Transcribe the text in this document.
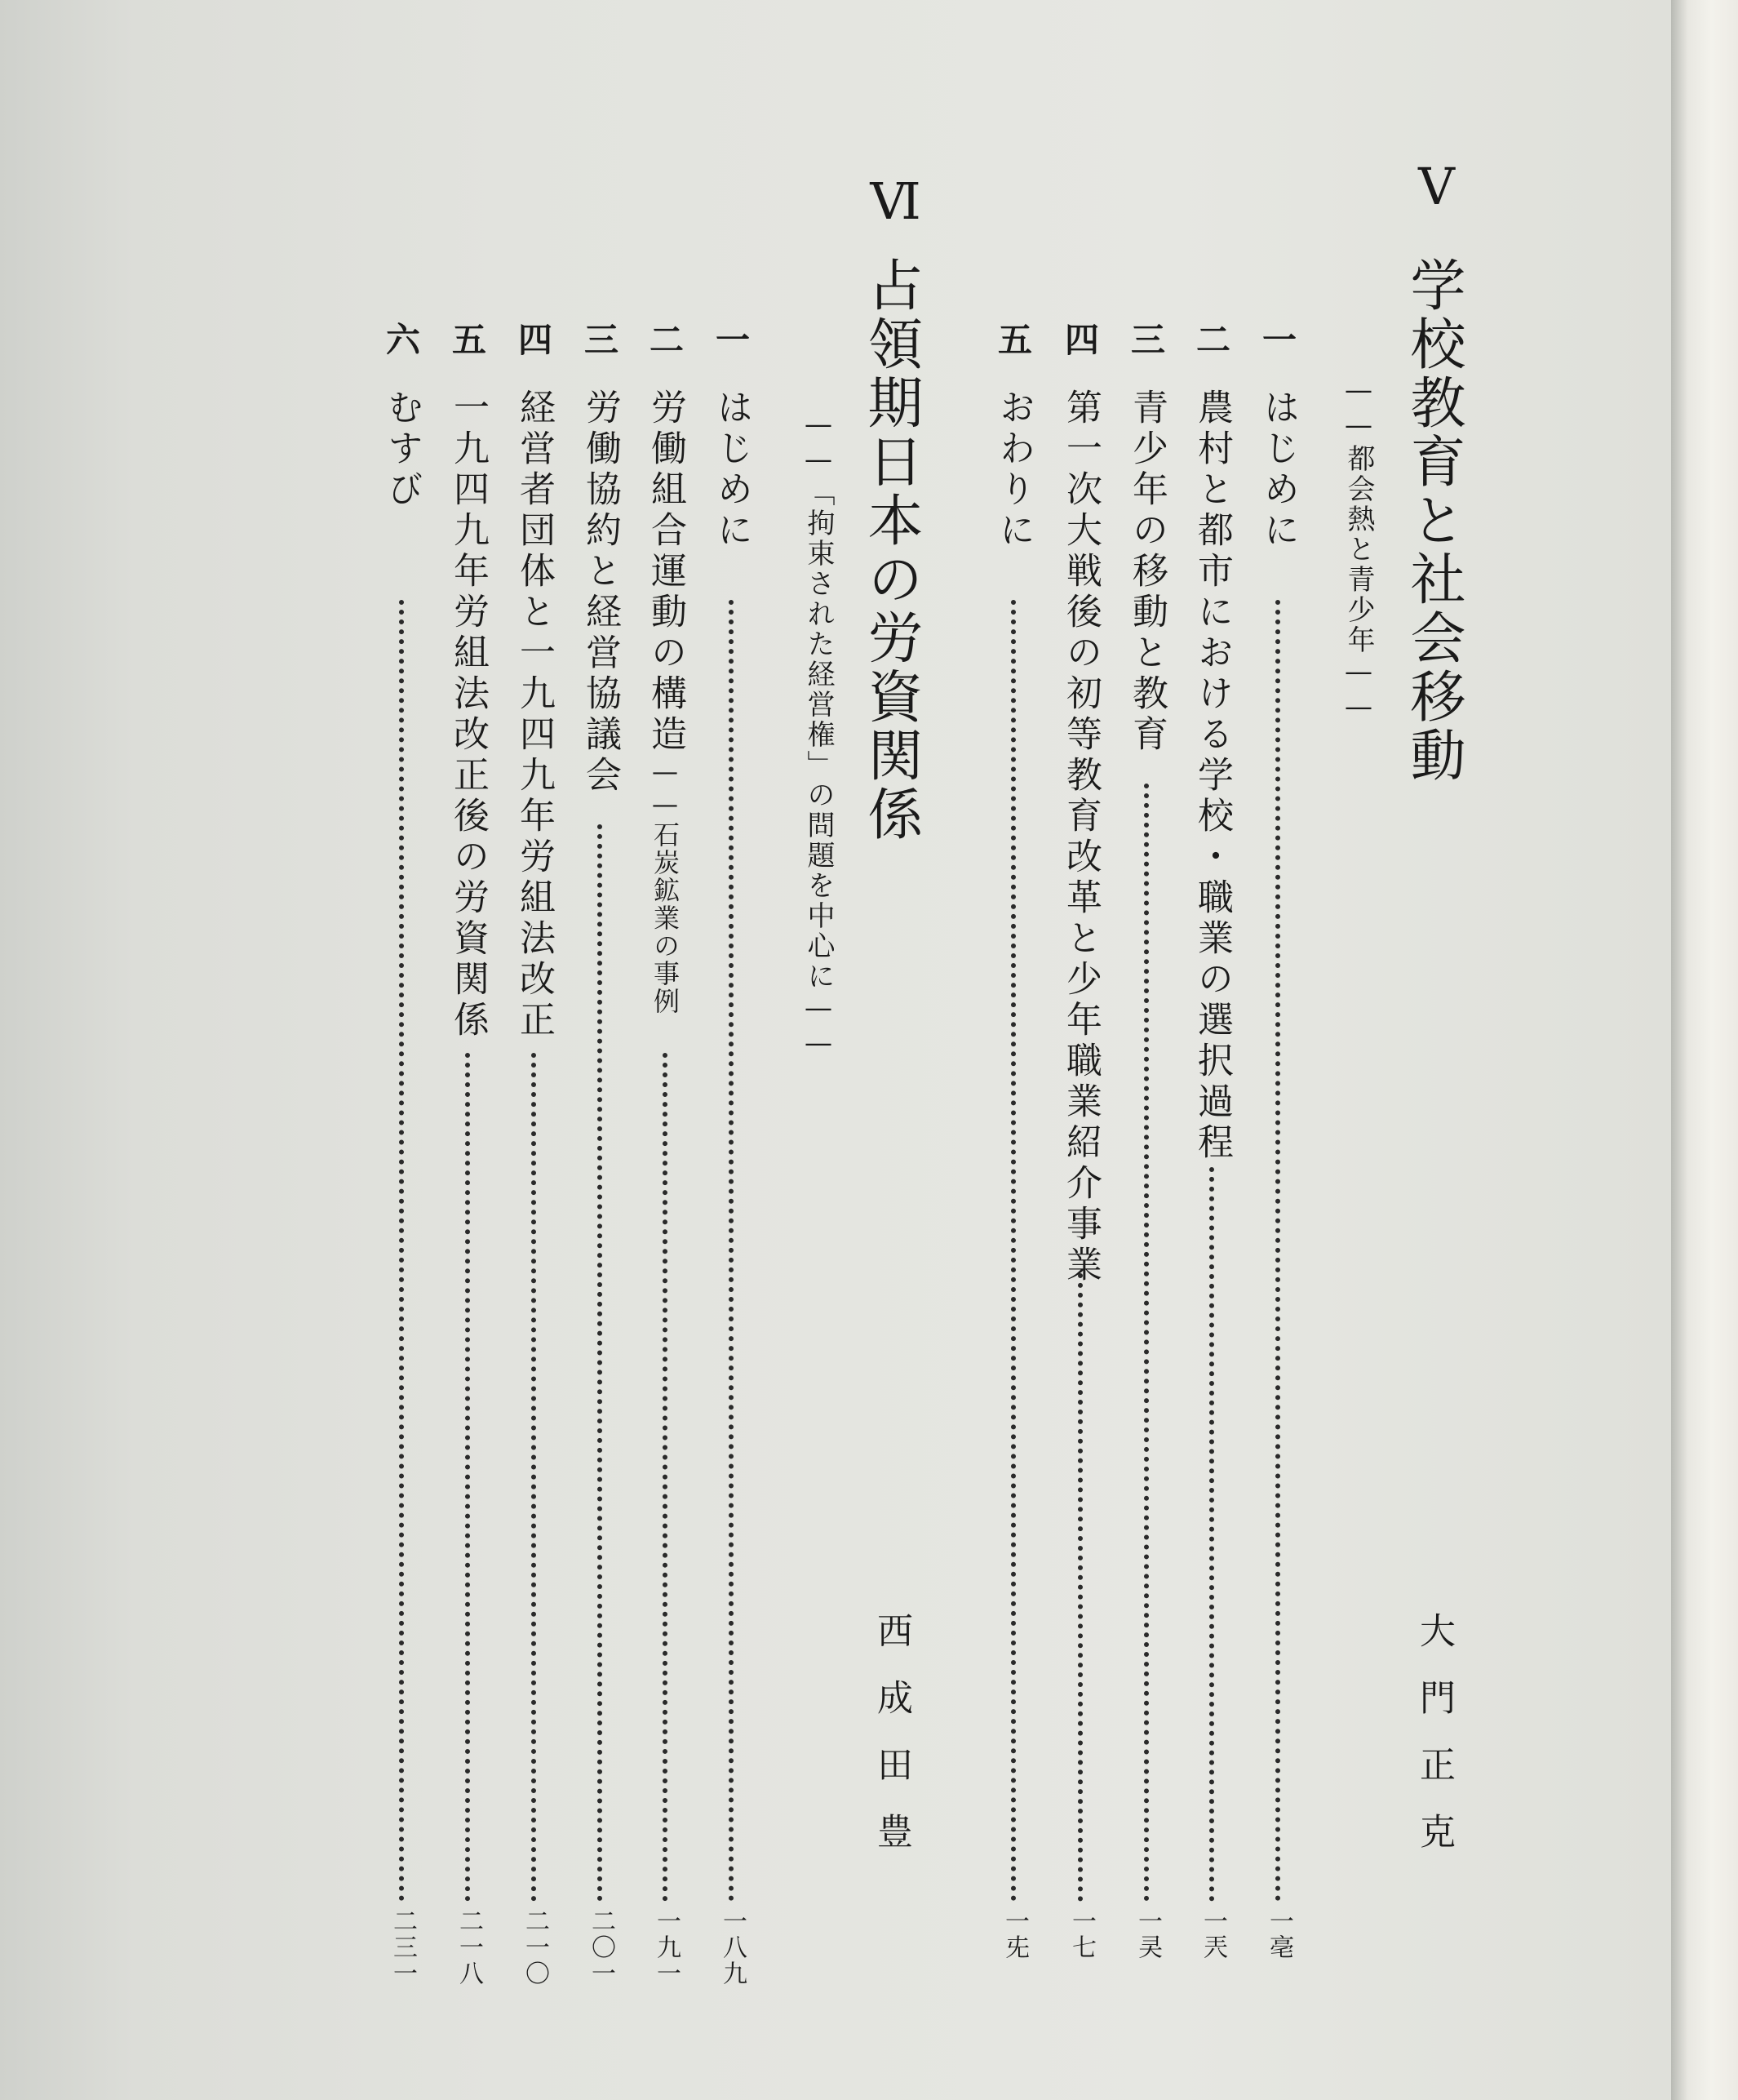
Ⅴ
学校教育と社会移動
——都会熱と青少年——
大門正克
一
はじめに
一亳
二
農村と都市における学校・職業の選択過程
一兲
三
青少年の移動と教育
一㚑
四
第一次大戦後の初等教育改革と少年職業紹介事業
一七
五
おわりに
一兂
Ⅵ
占領期日本の労資関係
——「拘束された経営権」の問題を中心に——
西成田豊
一
はじめに
一八九
二
労働組合運動の構造——石炭鉱業の事例
一九一
三
労働協約と経営協議会
二〇一
四
経営者団体と一九四九年労組法改正
二一〇
五
一九四九年労組法改正後の労資関係
二一八
六
むすび
二三一
